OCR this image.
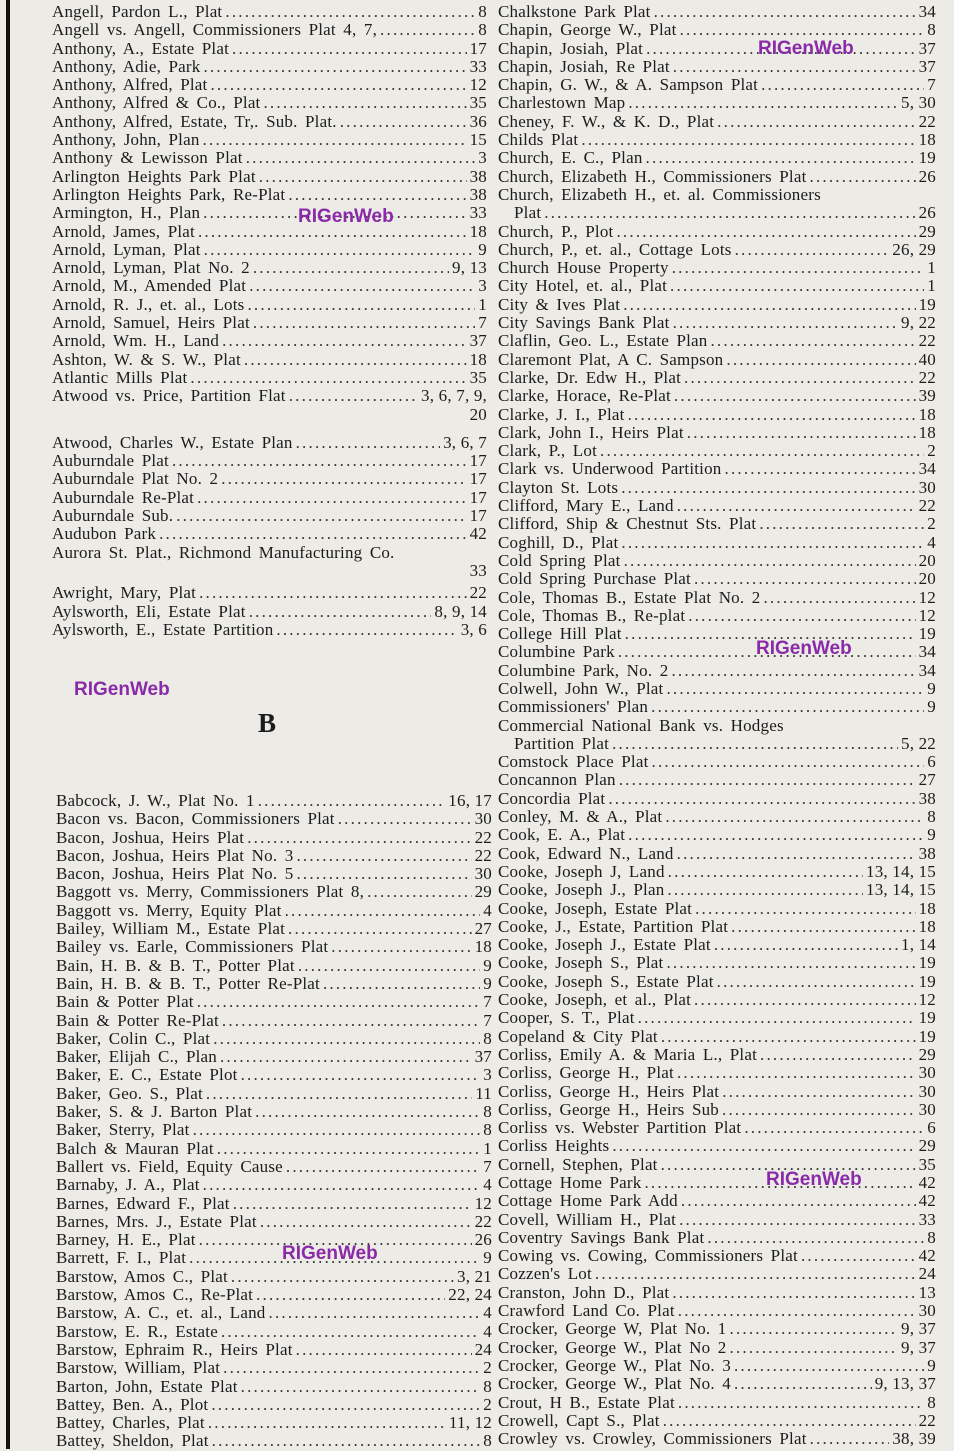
Angell, Pardon L., Plat .....	8
Angell vs. Angell, Commissioners Plat 4, 7, .....	8
Anthony, A., Estate Plat .....	17
Anthony, Adie, Park .....	33
Anthony, Alfred, Plat .....	12
Anthony, Alfred & Co., Plat .....	35
Anthony, Alfred, Estate, Tr,. Sub. Plat. .....	36
Anthony, John, Plan .....	15
Anthony & Lewisson Plat .....	3
Arlington Heights Park Plat .....	38
Arlington Heights Park, Re-Plat .....	38
Armington, H., Plan .....	33
Arnold, James, Plat .....	18
Arnold, Lyman, Plat .....	9
Arnold, Lyman, Plat No. 2 .....	9, 13
Arnold, M., Amended Plat .....	3
Arnold, R. J., et. al., Lots .....	1
Arnold, Samuel, Heirs Plat .....	7
Arnold, Wm. H., Land .....	37
Ashton, W. & S. W., Plat .....	18
Atlantic Mills Plat .....	35
Atwood vs. Price, Partition Flat .....	3, 6, 7, 9,
20
Atwood, Charles W., Estate Plan .....	3, 6, 7
Auburndale Plat .....	17
Auburndale Plat No. 2 .....	17
Auburndale Re-Plat .....	17
Auburndale Sub. .....	17
Audubon Park .....	42
Aurora St. Plat., Richmond Manufacturing Co.
33
Awright, Mary, Plat .....	22
Aylsworth, Eli, Estate Plat .....	8, 9, 14
Aylsworth, E., Estate Partition .....	3, 6
Babcock, J. W., Plat No. 1 .....	16, 17
Bacon vs. Bacon, Commissioners Plat .....	30
Bacon, Joshua, Heirs Plat .....	22
Bacon, Joshua, Heirs Plat No. 3 .....	22
Bacon, Joshua, Heirs Plat No. 5 .....	30
Baggott vs. Merry, Commissioners Plat 8, .....	29
Baggott vs. Merry, Equity Plat .....	4
Bailey, William M., Estate Plat .....	27
Bailey vs. Earle, Commissioners Plat .....	18
Bain, H. B. & B. T., Potter Plat .....	9
Bain, H. B. & B. T., Potter Re-Plat .....	9
Bain & Potter Plat .....	7
Bain & Potter Re-Plat .....	7
Baker, Colin C., Plat .....	8
Baker, Elijah C., Plan .....	37
Baker, E. C., Estate Plot .....	3
Baker, Geo. S., Plat .....	11
Baker, S. & J. Barton Plat .....	8
Baker, Sterry, Plat .....	8
Balch & Mauran Plat .....	1
Ballert vs. Field, Equity Cause .....	7
Barnaby, J. A., Plat .....	4
Barnes, Edward F., Plat .....	12
Barnes, Mrs. J., Estate Plat .....	22
Barney, H. E., Plat .....	26
Barrett, F. I., Plat .....	9
Barstow, Amos C., Plat .....	3, 21
Barstow, Amos C., Re-Plat .....	22, 24
Barstow, A. C., et. al., Land .....	4
Barstow, E. R., Estate .....	4
Barstow, Ephraim R., Heirs Plat .....	24
Barstow, William, Plat .....	2
Barton, John, Estate Plat .....	8
Battey, Ben. A., Plot .....	2
Battey, Charles, Plat .....	11, 12
Battey, Sheldon, Plat .....	8
B
Chalkstone Park Plat .....	34
Chapin, George W., Plat .....	8
Chapin, Josiah, Plat .....	37
Chapin, Josiah, Re Plat .....	37
Chapin, G. W., & A. Sampson Plat .....	7
Charlestown Map .....	5, 30
Cheney, F. W., & K. D., Plat .....	22
Childs Plat .....	18
Church, E. C., Plan .....	19
Church, Elizabeth H., Commissioners Plat .....	26
Church, Elizabeth H., et. al. Commissioners
Plat .....	26
Church, P., Plot .....	29
Church, P., et. al., Cottage Lots .....	26, 29
Church House Property .....	1
City Hotel, et. al., Plat .....	1
City & Ives Plat .....	19
City Savings Bank Plat .....	9, 22
Claflin, Geo. L., Estate Plan .....	22
Claremont Plat, A C. Sampson .....	40
Clarke, Dr. Edw H., Plat .....	22
Clarke, Horace, Re-Plat .....	39
Clarke, J. I., Plat .....	18
Clark, John I., Heirs Plat .....	18
Clark, P., Lot .....	2
Clark vs. Underwood Partition .....	34
Clayton St. Lots .....	30
Clifford, Mary E., Land .....	22
Clifford, Ship & Chestnut Sts. Plat .....	2
Coghill, D., Plat .....	4
Cold Spring Plat .....	20
Cold Spring Purchase Plat .....	20
Cole, Thomas B., Estate Plat No. 2 .....	12
Cole, Thomas B., Re-plat .....	12
College Hill Plat .....	19
Columbine Park .....	34
Columbine Park, No. 2 .....	34
Colwell, John W., Plat .....	9
Commissioners' Plan .....	9
Commercial National Bank vs. Hodges
Partition Plat .....	5, 22
Comstock Place Plat .....	6
Concannon Plan .....	27
Concordia Plat .....	38
Conley, M. & A., Plat .....	8
Cook, E. A., Plat .....	9
Cook, Edward N., Land .....	38
Cooke, Joseph J, Land .....	13, 14, 15
Cooke, Joseph J., Plan .....	13, 14, 15
Cooke, Joseph, Estate Plat .....	18
Cooke, J., Estate, Partition Plat .....	18
Cooke, Joseph J., Estate Plat .....	1, 14
Cooke, Joseph S., Plat .....	19
Cooke, Joseph S., Estate Plat .....	19
Cooke, Joseph, et al., Plat .....	12
Cooper, S. T., Plat .....	19
Copeland & City Plat .....	19
Corliss, Emily A. & Maria L., Plat .....	29
Corliss, George H., Plat .....	30
Corliss, George H., Heirs Plat .....	30
Corliss, George H., Heirs Sub .....	30
Corliss vs. Webster Partition Plat .....	6
Corliss Heights .....	29
Cornell, Stephen, Plat .....	35
Cottage Home Park .....	42
Cottage Home Park Add .....	42
Covell, William H., Plat .....	33
Coventry Savings Bank Plat .....	8
Cowing vs. Cowing, Commissioners Plat .....	42
Cozzen's Lot .....	24
Cranston, John D., Plat .....	13
Crawford Land Co. Plat .....	30
Crocker, George W, Plat No. 1 .....	9, 37
Crocker, George W., Plat No 2 .....	9, 37
Crocker, George W., Plat No. 3 .....	9
Crocker, George W., Plat No. 4 .....	9, 13, 37
Crout, H B., Estate Plat .....	8
Crowell, Capt S., Plat .....	22
Crowley vs. Crowley, Commissioners Plat .....	38, 39
RIGenWeb
RIGenWeb
RIGenWeb
RIGenWeb
RIGenWeb
RIGenWeb
